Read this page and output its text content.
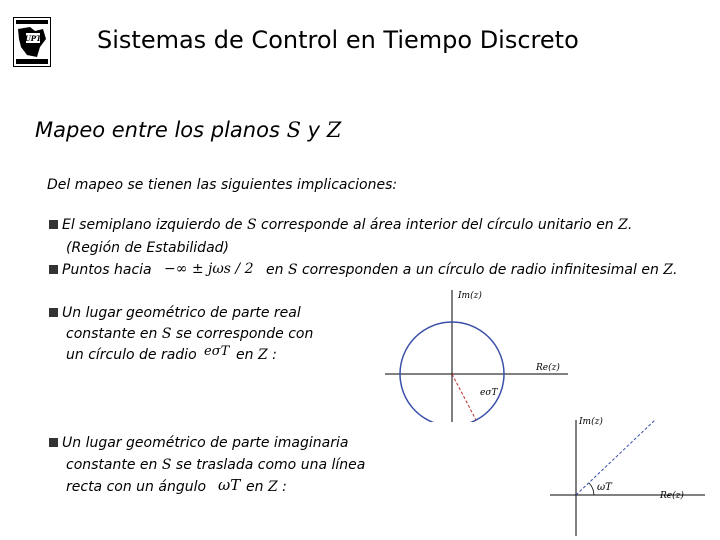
UPT Sistemas de Control en Tiempo Discreto
Mapeo entre los planos S y Z
Del mapeo se tienen las siguientes implicaciones:
El semiplano izquierdo de S corresponde al área interior del círculo unitario en Z.
(Región de Estabilidad)
Puntos hacia −∞ ± jωs / 2 en S corresponden a un círculo de radio infinitesimal en Z.
Un lugar geométrico de parte real
constante en S se corresponde con
un círculo de radio eσT en Z :
Un lugar geométrico de parte imaginaria
constante en S se traslada como una línea
recta con un ángulo ωT en Z :
Im(z)
Re(z)
eσT
Im(z)
Re(z)
ωT
